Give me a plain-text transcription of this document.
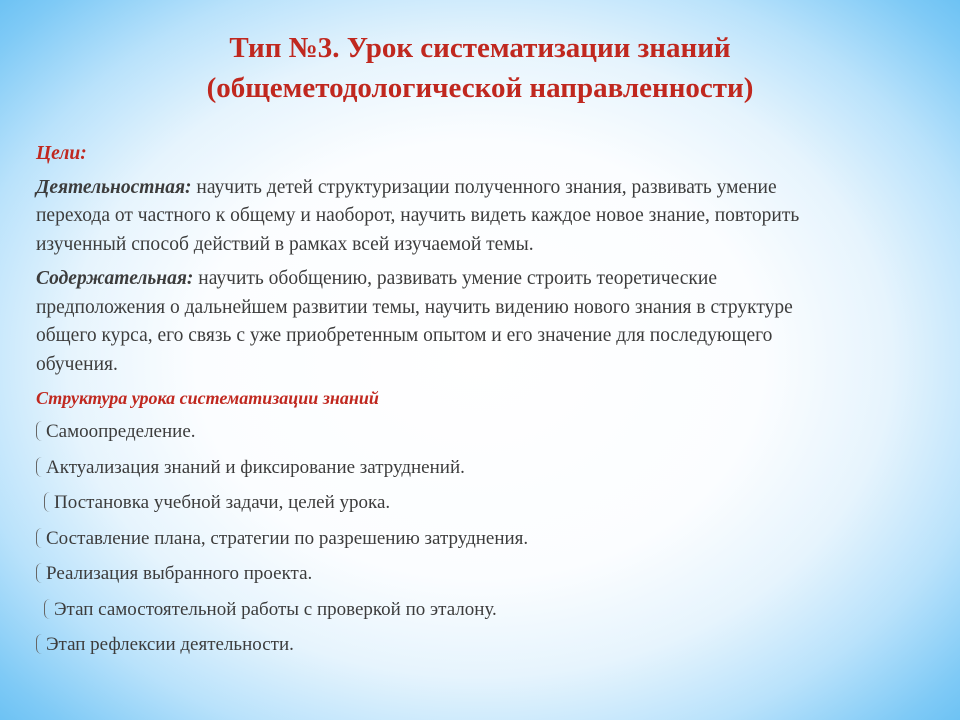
Тип №3. Урок систематизации знаний
(общеметодологической направленности)
Цели:
Деятельностная: научить детей структуризации полученного знания, развивать умение
перехода от частного к общему и наоборот, научить видеть каждое новое знание, повторить
изученный способ действий в рамках всей изучаемой темы.
Содержательная: научить обобщению, развивать умение строить теоретические
предположения о дальнейшем развитии темы, научить видению нового знания в структуре
общего курса, его связь с уже приобретенным опытом и его значение для последующего
обучения.
Структура урока систематизации знаний
Самоопределение.
Актуализация знаний и фиксирование затруднений.
Постановка учебной задачи, целей урока.
Составление плана, стратегии по разрешению затруднения.
Реализация выбранного проекта.
Этап самостоятельной работы с проверкой по эталону.
Этап рефлексии деятельности.
